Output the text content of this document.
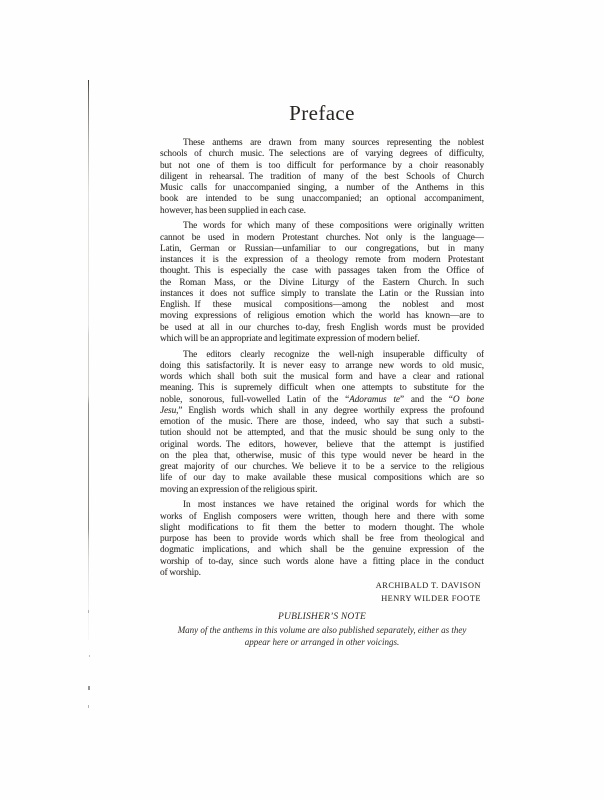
Preface
These anthems are drawn from many sources representing the noblest
schools of church music. The selections are of varying degrees of difficulty,
but not one of them is too difficult for performance by a choir reasonably
diligent in rehearsal. The tradition of many of the best Schools of Church
Music calls for unaccompanied singing, a number of the Anthems in this
book are intended to be sung unaccompanied; an optional accompaniment,
however, has been supplied in each case.
The words for which many of these compositions were originally written
cannot be used in modern Protestant churches. Not only is the language—
Latin, German or Russian—unfamiliar to our congregations, but in many
instances it is the expression of a theology remote from modern Protestant
thought. This is especially the case with passages taken from the Office of
the Roman Mass, or the Divine Liturgy of the Eastern Church. In such
instances it does not suffice simply to translate the Latin or the Russian into
English. If these musical compositions—among the noblest and most
moving expressions of religious emotion which the world has known—are to
be used at all in our churches to-day, fresh English words must be provided
which will be an appropriate and legitimate expression of modern belief.
The editors clearly recognize the well-nigh insuperable difficulty of
doing this satisfactorily. It is never easy to arrange new words to old music,
words which shall both suit the musical form and have a clear and rational
meaning. This is supremely difficult when one attempts to substitute for the
noble, sonorous, full-vowelled Latin of the “Adoramus te” and the “O bone
Jesu,” English words which shall in any degree worthily express the profound
emotion of the music. There are those, indeed, who say that such a substi-
tution should not be attempted, and that the music should be sung only to the
original words. The editors, however, believe that the attempt is justified
on the plea that, otherwise, music of this type would never be heard in the
great majority of our churches. We believe it to be a service to the religious
life of our day to make available these musical compositions which are so
moving an expression of the religious spirit.
In most instances we have retained the original words for which the
works of English composers were written, though here and there with some
slight modifications to fit them the better to modern thought. The whole
purpose has been to provide words which shall be free from theological and
dogmatic implications, and which shall be the genuine expression of the
worship of to-day, since such words alone have a fitting place in the conduct
of worship.
ARCHIBALD T. DAVISON
HENRY WILDER FOOTE
PUBLISHER’S NOTE
Many of the anthems in this volume are also published separately, either as they
appear here or arranged in other voicings.
